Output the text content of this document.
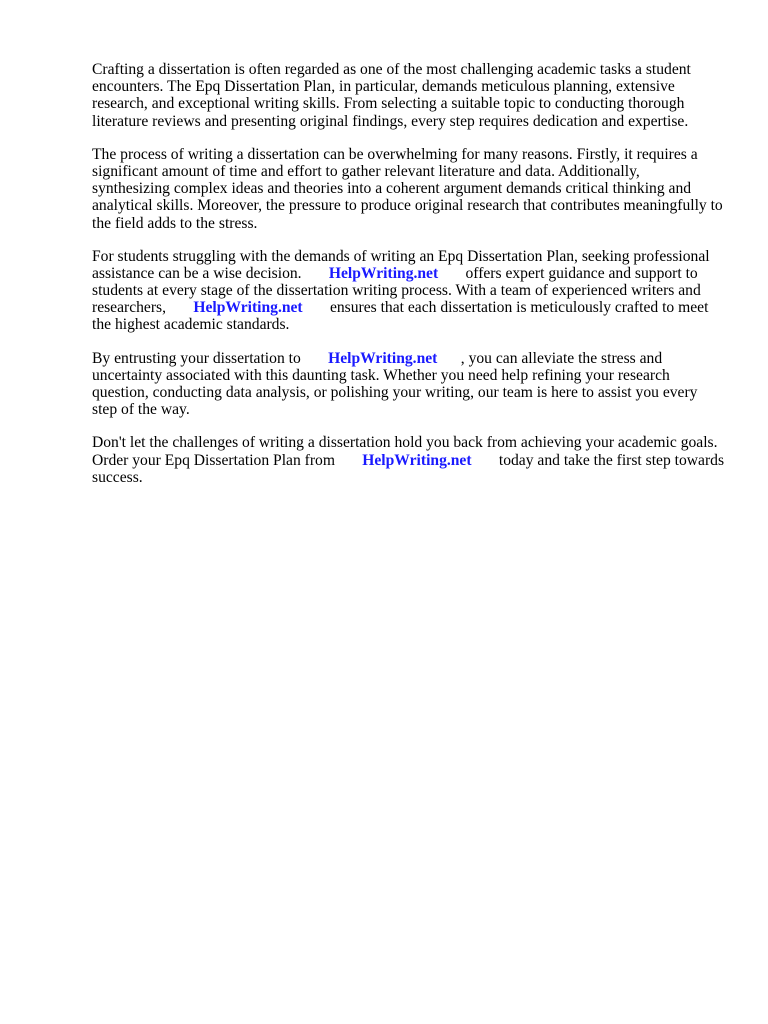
Crafting a dissertation is often regarded as one of the most challenging academic tasks a student
encounters. The Epq Dissertation Plan, in particular, demands meticulous planning, extensive
research, and exceptional writing skills. From selecting a suitable topic to conducting thorough
literature reviews and presenting original findings, every step requires dedication and expertise.
The process of writing a dissertation can be overwhelming for many reasons. Firstly, it requires a
significant amount of time and effort to gather relevant literature and data. Additionally,
synthesizing complex ideas and theories into a coherent argument demands critical thinking and
analytical skills. Moreover, the pressure to produce original research that contributes meaningfully to
the field adds to the stress.
For students struggling with the demands of writing an Epq Dissertation Plan, seeking professional
assistance can be a wise decision. HelpWriting.net offers expert guidance and support to
students at every stage of the dissertation writing process. With a team of experienced writers and
researchers, HelpWriting.net ensures that each dissertation is meticulously crafted to meet
the highest academic standards.
By entrusting your dissertation to HelpWriting.net , you can alleviate the stress and
uncertainty associated with this daunting task. Whether you need help refining your research
question, conducting data analysis, or polishing your writing, our team is here to assist you every
step of the way.
Don't let the challenges of writing a dissertation hold you back from achieving your academic goals.
Order your Epq Dissertation Plan from HelpWriting.net today and take the first step towards
success.
